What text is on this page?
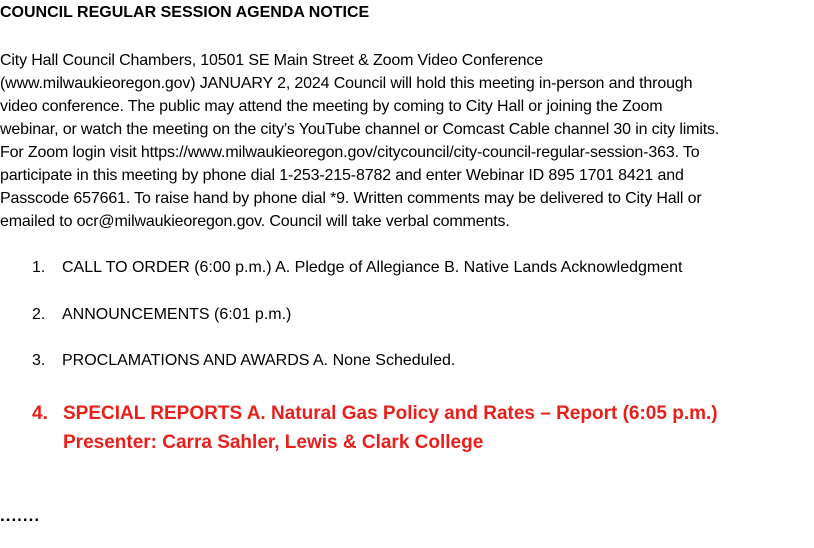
COUNCIL REGULAR SESSION AGENDA NOTICE
City Hall Council Chambers, 10501 SE Main Street & Zoom Video Conference
(www.milwaukieoregon.gov) JANUARY 2, 2024 Council will hold this meeting in-person and through
video conference. The public may attend the meeting by coming to City Hall or joining the Zoom
webinar, or watch the meeting on the city’s YouTube channel or Comcast Cable channel 30 in city limits.
For Zoom login visit https://www.milwaukieoregon.gov/citycouncil/city-council-regular-session-363. To
participate in this meeting by phone dial 1-253-215-8782 and enter Webinar ID 895 1701 8421 and
Passcode 657661. To raise hand by phone dial *9. Written comments may be delivered to City Hall or
emailed to ocr@milwaukieoregon.gov. Council will take verbal comments.
1.	CALL TO ORDER (6:00 p.m.) A. Pledge of Allegiance B. Native Lands Acknowledgment
2.	ANNOUNCEMENTS (6:01 p.m.)
3.	PROCLAMATIONS AND AWARDS A. None Scheduled.
4. SPECIAL REPORTS A. Natural Gas Policy and Rates – Report (6:05 p.m.)
Presenter: Carra Sahler, Lewis & Clark College
.......
